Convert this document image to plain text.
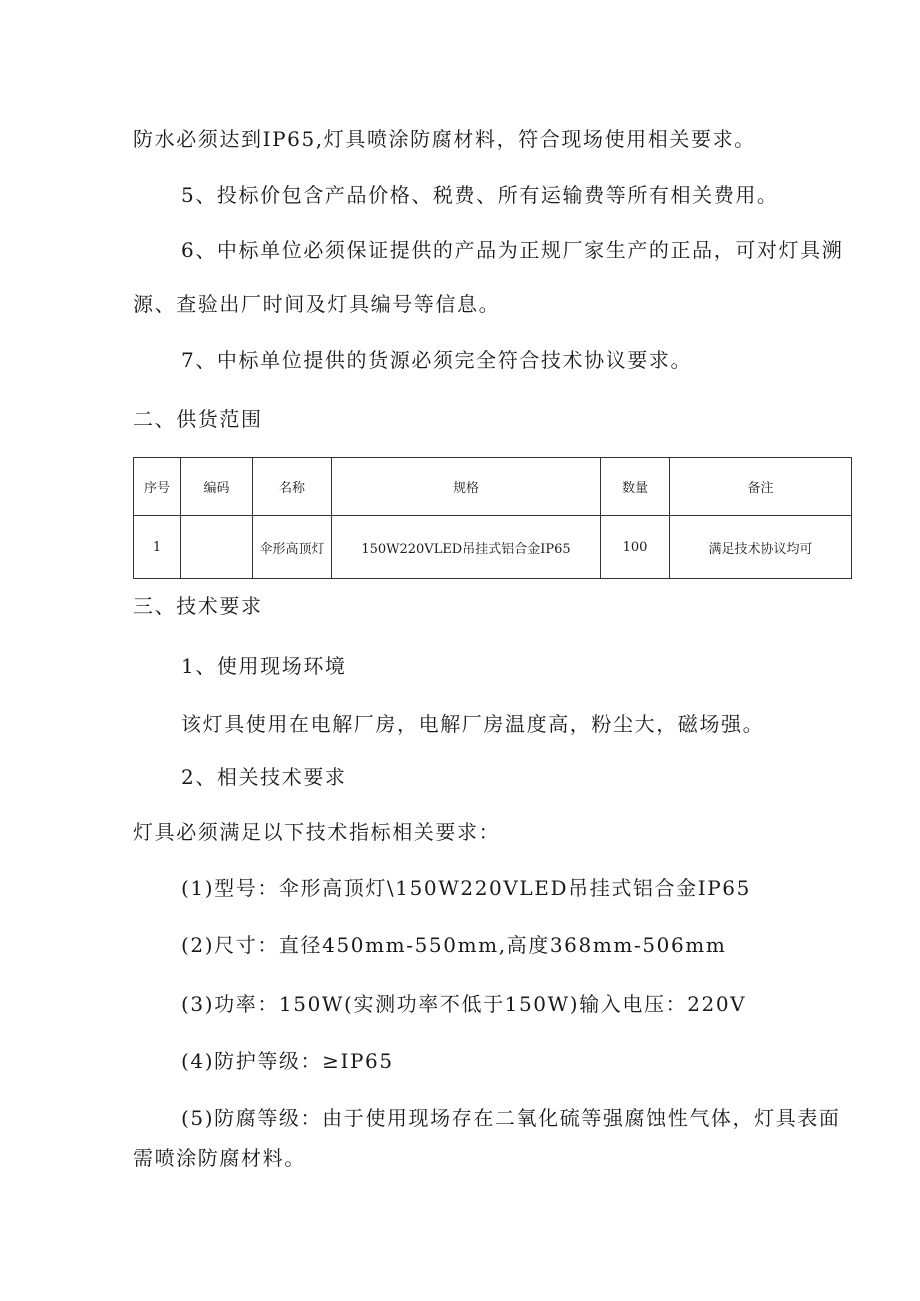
防水必须达到IP65,灯具喷涂防腐材料，符合现场使用相关要求。
5、投标价包含产品价格、税费、所有运输费等所有相关费用。
6、中标单位必须保证提供的产品为正规厂家生产的正品，可对灯具溯
源、查验出厂时间及灯具编号等信息。
7、中标单位提供的货源必须完全符合技术协议要求。
二、供货范围
序号	编码	名称	规格	数量	备注
1		伞形高顶灯	150W220VLED吊挂式铝合金IP65	100	满足技术协议均可
三、技术要求
1、使用现场环境
该灯具使用在电解厂房，电解厂房温度高，粉尘大，磁场强。
2、相关技术要求
灯具必须满足以下技术指标相关要求：
(1)型号：伞形高顶灯\150W220VLED吊挂式铝合金IP65
(2)尺寸：直径450mm-550mm,高度368mm-506mm
(3)功率：150W(实测功率不低于150W)输入电压：220V
(4)防护等级：≥IP65
(5)防腐等级：由于使用现场存在二氧化硫等强腐蚀性气体，灯具表面
需喷涂防腐材料。
